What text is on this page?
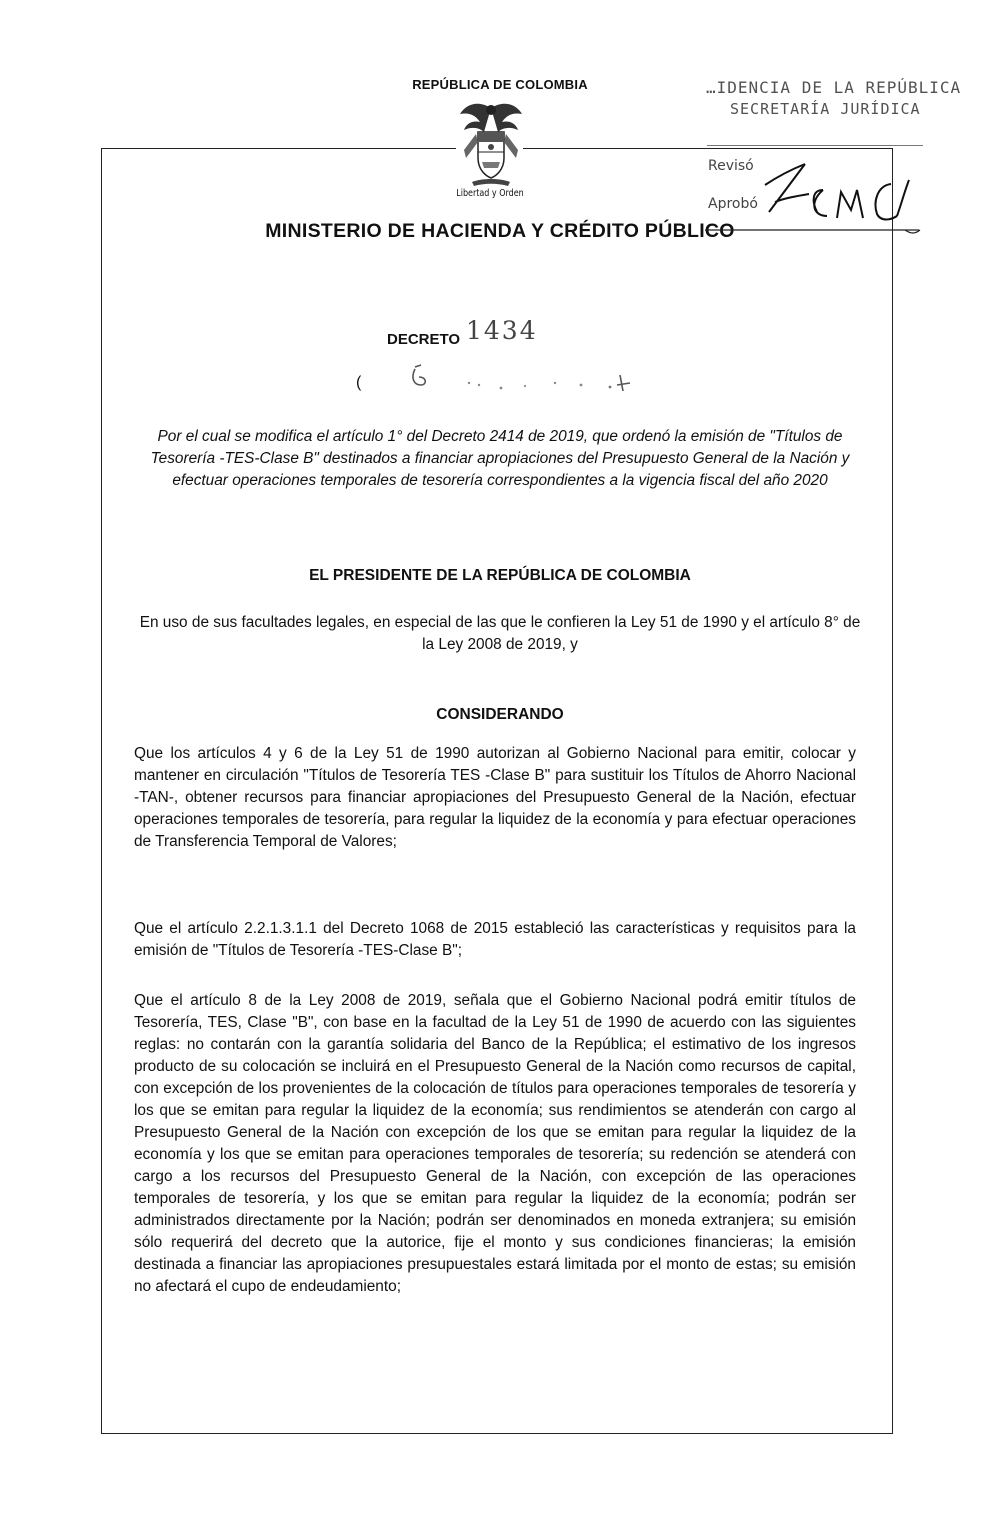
REPÚBLICA DE COLOMBIA
Libertad y Orden
MINISTERIO DE HACIENDA Y CRÉDITO PÚBLICO
…IDENCIA DE LA REPÚBLICA
SECRETARÍA JURÍDICA
Revisó
Aprobó
DECRETO 1434
(
Por el cual se modifica el artículo 1° del Decreto 2414 de 2019, que ordenó la emisión de "Títulos de Tesorería -TES-Clase B" destinados a financiar apropiaciones del Presupuesto General de la Nación y efectuar operaciones temporales de tesorería correspondientes a la vigencia fiscal del año 2020
EL PRESIDENTE DE LA REPÚBLICA DE COLOMBIA
En uso de sus facultades legales, en especial de las que le confieren la Ley 51 de 1990 y el artículo 8° de la Ley 2008 de 2019, y
CONSIDERANDO
Que los artículos 4 y 6 de la Ley 51 de 1990 autorizan al Gobierno Nacional para emitir, colocar y mantener en circulación "Títulos de Tesorería TES -Clase B" para sustituir los Títulos de Ahorro Nacional -TAN-, obtener recursos para financiar apropiaciones del Presupuesto General de la Nación, efectuar operaciones temporales de tesorería, para regular la liquidez de la economía y para efectuar operaciones de Transferencia Temporal de Valores;
Que el artículo 2.2.1.3.1.1 del Decreto 1068 de 2015 estableció las características y requisitos para la emisión de "Títulos de Tesorería -TES-Clase B";
Que el artículo 8 de la Ley 2008 de 2019, señala que el Gobierno Nacional podrá emitir títulos de Tesorería, TES, Clase "B", con base en la facultad de la Ley 51 de 1990 de acuerdo con las siguientes reglas: no contarán con la garantía solidaria del Banco de la República; el estimativo de los ingresos producto de su colocación se incluirá en el Presupuesto General de la Nación como recursos de capital, con excepción de los provenientes de la colocación de títulos para operaciones temporales de tesorería y los que se emitan para regular la liquidez de la economía; sus rendimientos se atenderán con cargo al Presupuesto General de la Nación con excepción de los que se emitan para regular la liquidez de la economía y los que se emitan para operaciones temporales de tesorería; su redención se atenderá con cargo a los recursos del Presupuesto General de la Nación, con excepción de las operaciones temporales de tesorería, y los que se emitan para regular la liquidez de la economía; podrán ser administrados directamente por la Nación; podrán ser denominados en moneda extranjera; su emisión sólo requerirá del decreto que la autorice, fije el monto y sus condiciones financieras; la emisión destinada a financiar las apropiaciones presupuestales estará limitada por el monto de estas; su emisión no afectará el cupo de endeudamiento;
